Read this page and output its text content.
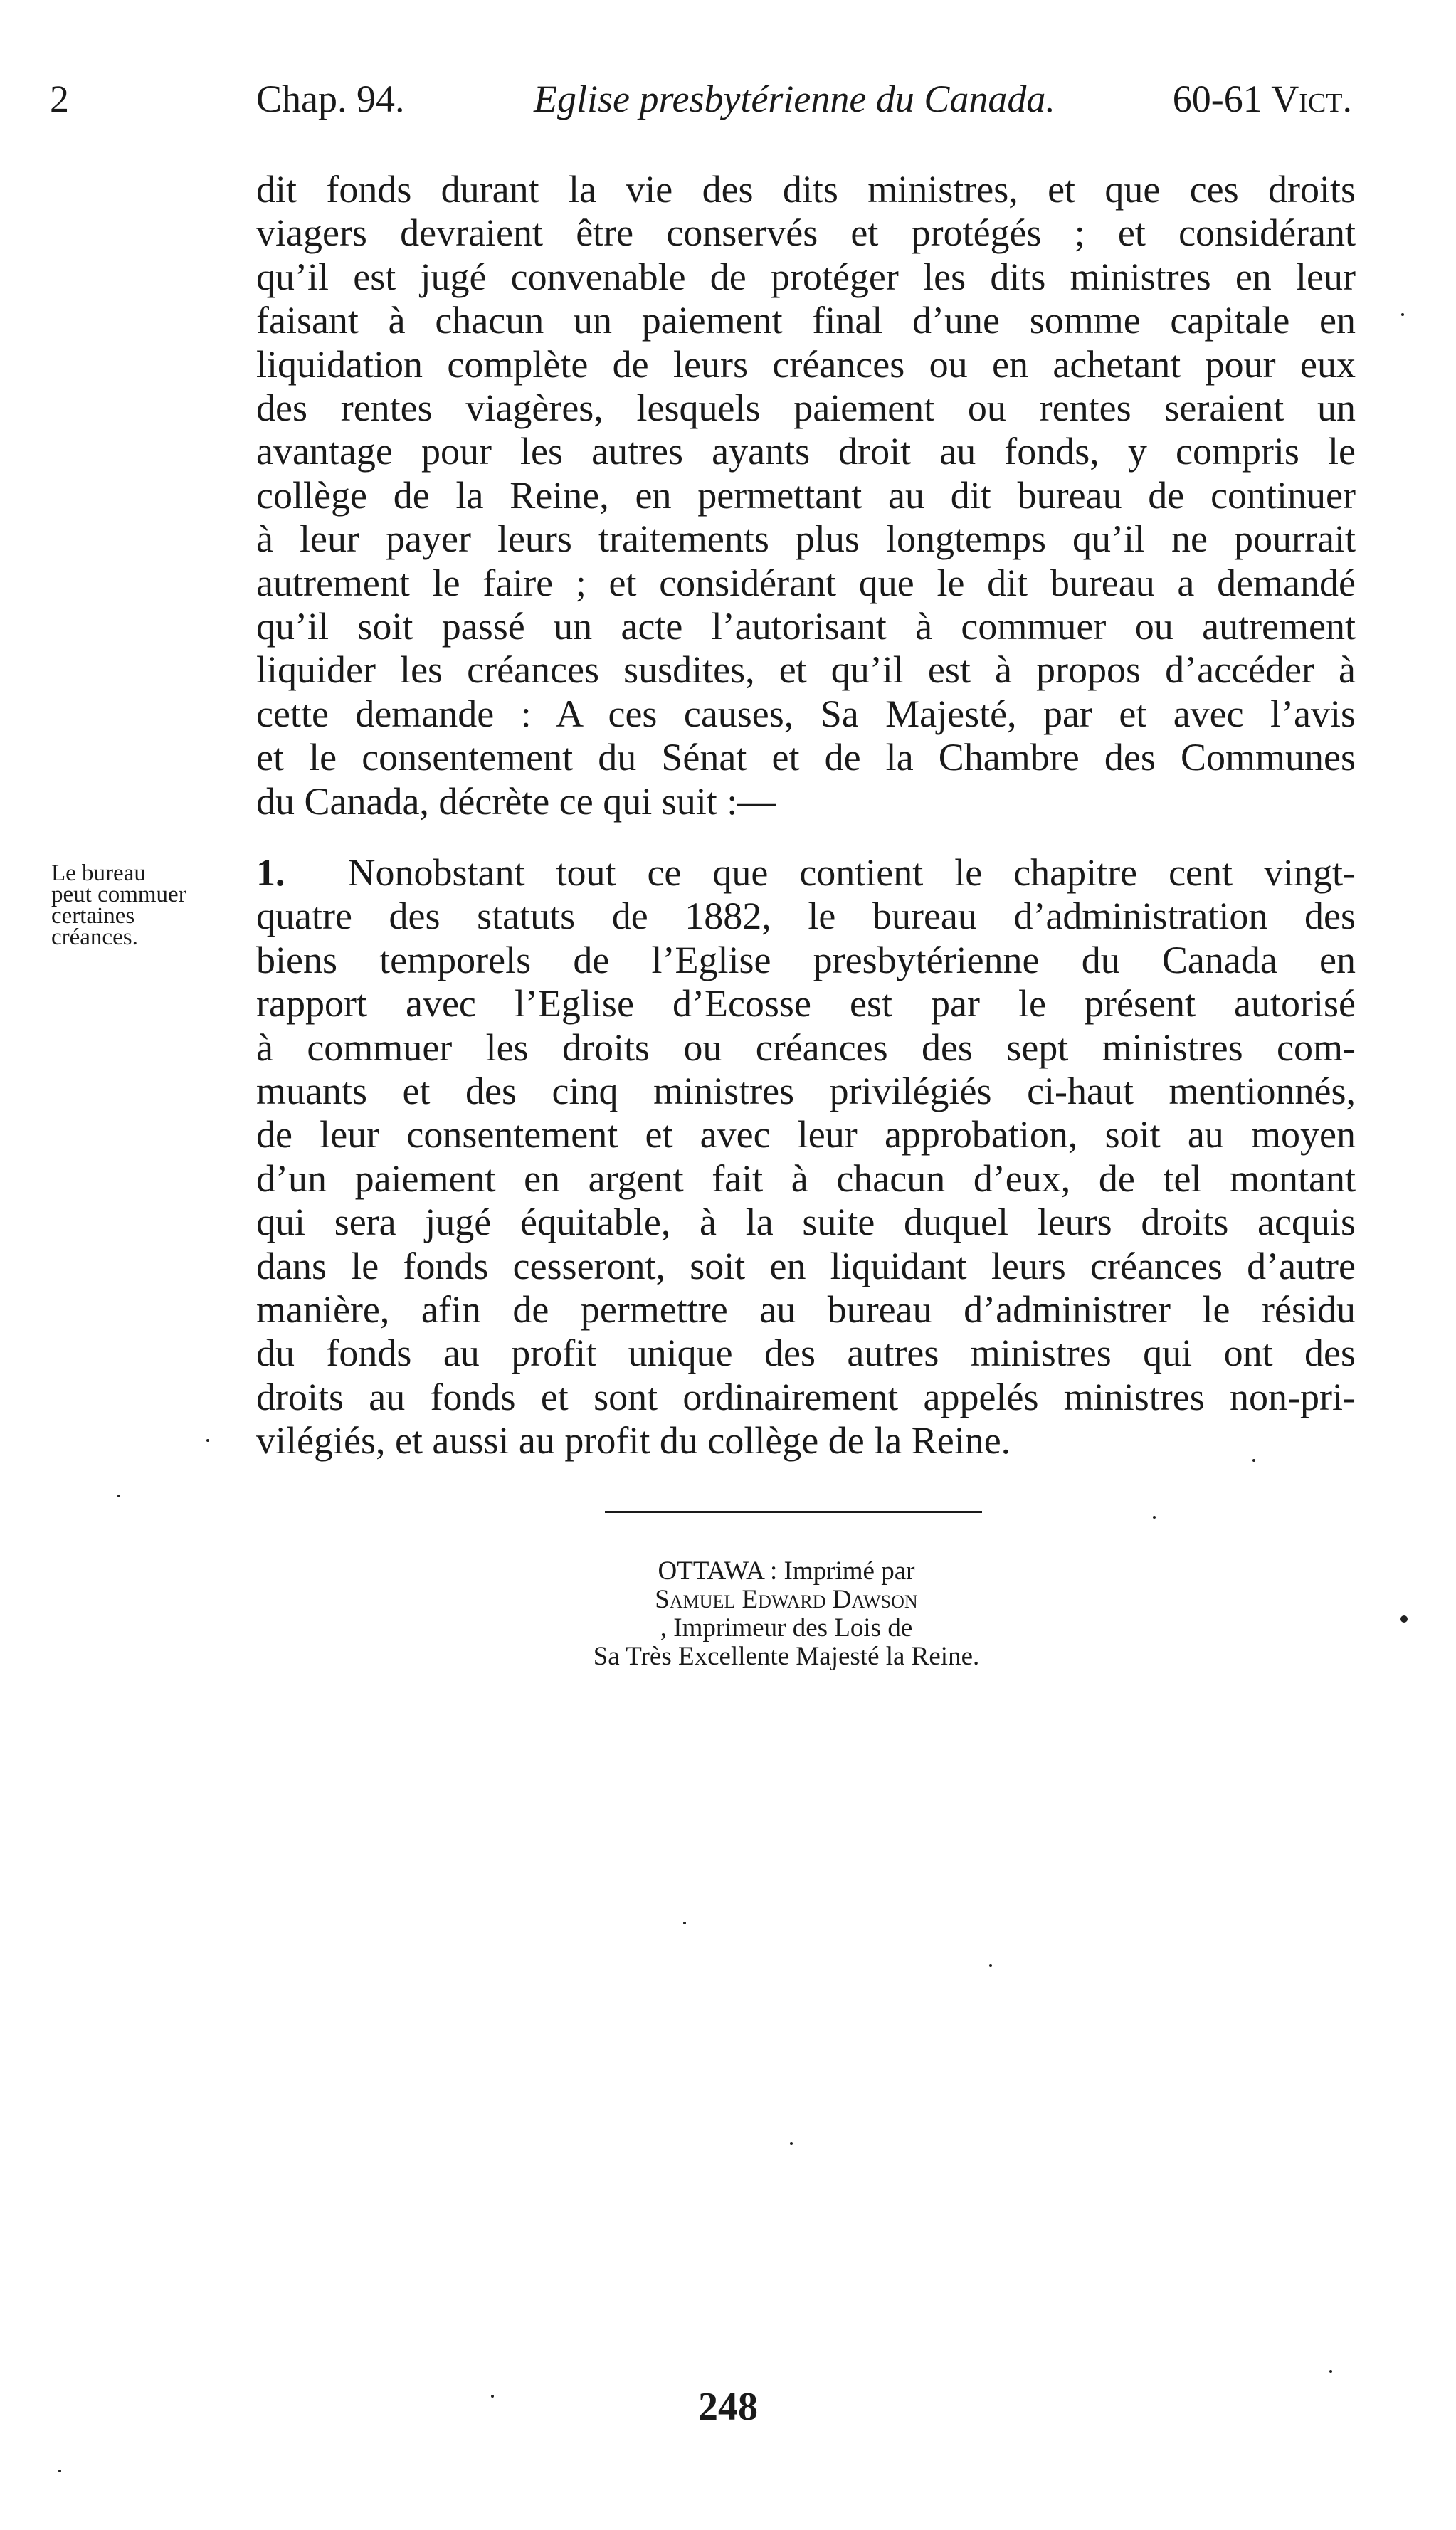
2	Chap. 94.	Eglise presbytérienne du Canada.	60-61 Vict.
dit fonds durant la vie des dits ministres, et que ces droits
viagers devraient être conservés et protégés ; et considérant
qu’il est jugé convenable de protéger les dits ministres en leur
faisant à chacun un paiement final d’une somme capitale en
liquidation complète de leurs créances ou en achetant pour eux
des rentes viagères, lesquels paiement ou rentes seraient un
avantage pour les autres ayants droit au fonds, y compris le
collège de la Reine, en permettant au dit bureau de continuer
à leur payer leurs traitements plus longtemps qu’il ne pourrait
autrement le faire ; et considérant que le dit bureau a demandé
qu’il soit passé un acte l’autorisant à commuer ou autrement
liquider les créances susdites, et qu’il est à propos d’accéder à
cette demande : A ces causes, Sa Majesté, par et avec l’avis
et le consentement du Sénat et de la Chambre des Communes
du Canada, décrète ce qui suit :—
Le bureau
peut commuer
certaines
créances.
1. Nonobstant tout ce que contient le chapitre cent vingt-
quatre des statuts de 1882, le bureau d’administration des
biens temporels de l’Eglise presbytérienne du Canada en
rapport avec l’Eglise d’Ecosse est par le présent autorisé
à commuer les droits ou créances des sept ministres com-
muants et des cinq ministres privilégiés ci-haut mentionnés,
de leur consentement et avec leur approbation, soit au moyen
d’un paiement en argent fait à chacun d’eux, de tel montant
qui sera jugé équitable, à la suite duquel leurs droits acquis
dans le fonds cesseront, soit en liquidant leurs créances d’autre
manière, afin de permettre au bureau d’administrer le résidu
du fonds au profit unique des autres ministres qui ont des
droits au fonds et sont ordinairement appelés ministres non-pri-
vilégiés, et aussi au profit du collège de la Reine.
OTTAWA : Imprimé par
Samuel Edward Dawson
, Imprimeur des Lois de
Sa Très Excellente Majesté la Reine.
248
